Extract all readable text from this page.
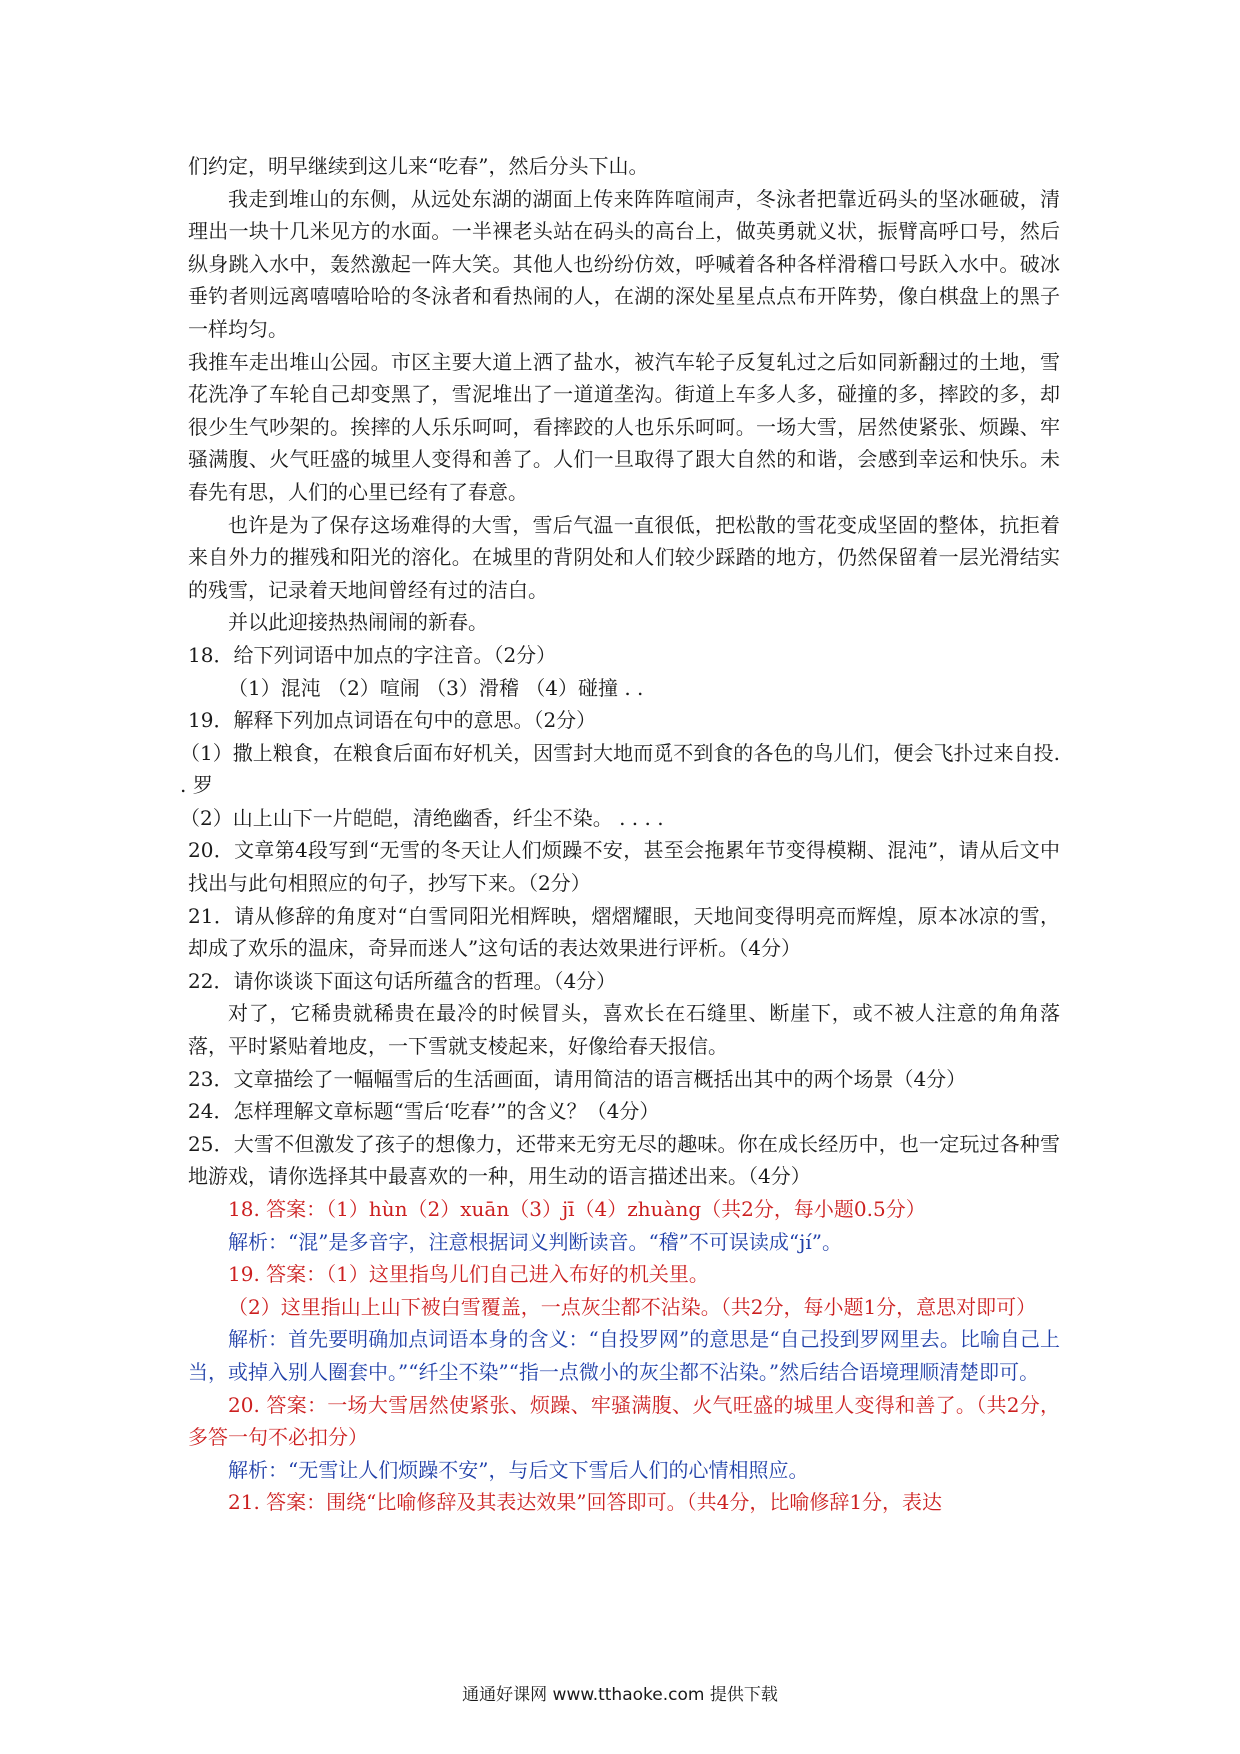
们约定，明早继续到这儿来“吃春”，然后分头下山。

我走到堆山的东侧，从远处东湖的湖面上传来阵阵喧闹声，冬泳者把靠近码头的坚冰砸破，清理出一块十几米见方的水面。一半裸老头站在码头的高台上，做英勇就义状，振臂高呼口号，然后纵身跳入水中，轰然激起一阵大笑。其他人也纷纷仿效，呼喊着各种各样滑稽口号跃入水中。破冰垂钓者则远离嘻嘻哈哈的冬泳者和看热闹的人，在湖的深处星星点点布开阵势，像白棋盘上的黑子一样均匀。

我推车走出堆山公园。市区主要大道上洒了盐水，被汽车轮子反复轧过之后如同新翻过的土地，雪花洗净了车轮自己却变黑了，雪泥堆出了一道道垄沟。街道上车多人多，碰撞的多，摔跤的多，却很少生气吵架的。挨摔的人乐乐呵呵，看摔跤的人也乐乐呵呵。一场大雪，居然使紧张、烦躁、牢骚满腹、火气旺盛的城里人变得和善了。人们一旦取得了跟大自然的和谐，会感到幸运和快乐。未春先有思，人们的心里已经有了春意。

也许是为了保存这场难得的大雪，雪后气温一直很低，把松散的雪花变成坚固的整体，抗拒着来自外力的摧残和阳光的溶化。在城里的背阴处和人们较少踩踏的地方，仍然保留着一层光滑结实的残雪，记录着天地间曾经有过的洁白。

并以此迎接热热闹闹的新春。

18．给下列词语中加点的字注音。（2分）

（1）混沌 （2）喧闹 （3）滑稽 （4）碰撞 . .

19．解释下列加点词语在句中的意思。（2分）

（1）撒上粮食，在粮食后面布好机关，因雪封大地而觅不到食的各色的鸟儿们，便会飞扑过来自投. . 罗

（2）山上山下一片皑皑，清绝幽香，纤尘不染。 . . . .

20．文章第4段写到“无雪的冬天让人们烦躁不安，甚至会拖累年节变得模糊、混沌”，请从后文中找出与此句相照应的句子，抄写下来。（2分）

21．请从修辞的角度对“白雪同阳光相辉映，熠熠耀眼，天地间变得明亮而辉煌，原本冰凉的雪，却成了欢乐的温床，奇异而迷人”这句话的表达效果进行评析。（4分）

22．请你谈谈下面这句话所蕴含的哲理。（4分）

对了，它稀贵就稀贵在最冷的时候冒头，喜欢长在石缝里、断崖下，或不被人注意的角角落落，平时紧贴着地皮，一下雪就支棱起来，好像给春天报信。

23．文章描绘了一幅幅雪后的生活画面，请用简洁的语言概括出其中的两个场景（4分）

24．怎样理解文章标题“雪后‘吃春’”的含义？（4分）

25．大雪不但激发了孩子的想像力，还带来无穷无尽的趣味。你在成长经历中，也一定玩过各种雪地游戏，请你选择其中最喜欢的一种，用生动的语言描述出来。（4分）

18. 答案：（1）hùn（2）xuān（3）jī（4）zhuàng（共2分，每小题0.5分）

解析：“混”是多音字，注意根据词义判断读音。“稽”不可误读成“jí”。

19. 答案：（1）这里指鸟儿们自己进入布好的机关里。

（2）这里指山上山下被白雪覆盖，一点灰尘都不沾染。（共2分，每小题1分，意思对即可）

解析：首先要明确加点词语本身的含义：“自投罗网”的意思是“自己投到罗网里去。比喻自己上当，或掉入别人圈套中。”“纤尘不染”“指一点微小的灰尘都不沾染。”然后结合语境理顺清楚即可。

20. 答案：一场大雪居然使紧张、烦躁、牢骚满腹、火气旺盛的城里人变得和善了。（共2分，多答一句不必扣分）

解析：“无雪让人们烦躁不安”，与后文下雪后人们的心情相照应。

21. 答案：围绕“比喻修辞及其表达效果”回答即可。（共4分，比喻修辞1分，表达

通通好课网 www.tthaoke.com 提供下载
